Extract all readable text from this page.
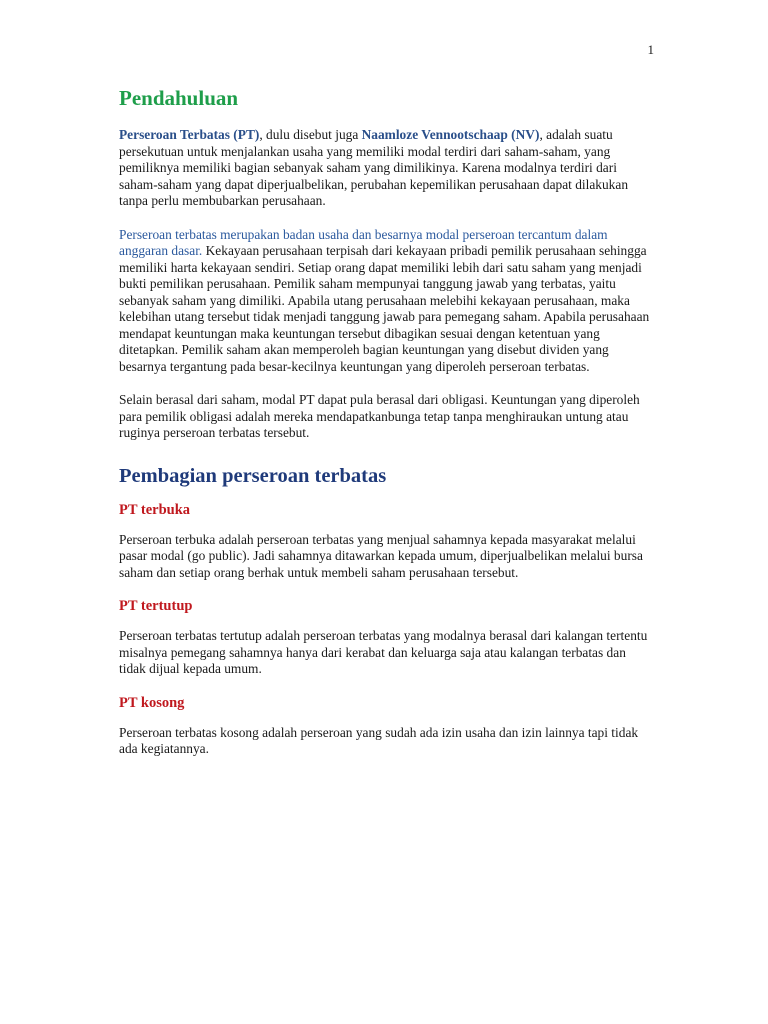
1
Pendahuluan

Perseroan Terbatas (PT), dulu disebut juga Naamloze Vennootschaap (NV), adalah suatu persekutuan untuk menjalankan usaha yang memiliki modal terdiri dari saham-saham, yang pemiliknya memiliki bagian sebanyak saham yang dimilikinya. Karena modalnya terdiri dari saham-saham yang dapat diperjualbelikan, perubahan kepemilikan perusahaan dapat dilakukan tanpa perlu membubarkan perusahaan.

Perseroan terbatas merupakan badan usaha dan besarnya modal perseroan tercantum dalam anggaran dasar. Kekayaan perusahaan terpisah dari kekayaan pribadi pemilik perusahaan sehingga memiliki harta kekayaan sendiri. Setiap orang dapat memiliki lebih dari satu saham yang menjadi bukti pemilikan perusahaan. Pemilik saham mempunyai tanggung jawab yang terbatas, yaitu sebanyak saham yang dimiliki. Apabila utang perusahaan melebihi kekayaan perusahaan, maka kelebihan utang tersebut tidak menjadi tanggung jawab para pemegang saham. Apabila perusahaan mendapat keuntungan maka keuntungan tersebut dibagikan sesuai dengan ketentuan yang ditetapkan. Pemilik saham akan memperoleh bagian keuntungan yang disebut dividen yang besarnya tergantung pada besar-kecilnya keuntungan yang diperoleh perseroan terbatas.

Selain berasal dari saham, modal PT dapat pula berasal dari obligasi. Keuntungan yang diperoleh para pemilik obligasi adalah mereka mendapatkanbunga tetap tanpa menghiraukan untung atau ruginya perseroan terbatas tersebut.

Pembagian perseroan terbatas
PT terbuka

Perseroan terbuka adalah perseroan terbatas yang menjual sahamnya kepada masyarakat melalui pasar modal (go public). Jadi sahamnya ditawarkan kepada umum, diperjualbelikan melalui bursa saham dan setiap orang berhak untuk membeli saham perusahaan tersebut.

PT tertutup

Perseroan terbatas tertutup adalah perseroan terbatas yang modalnya berasal dari kalangan tertentu misalnya pemegang sahamnya hanya dari kerabat dan keluarga saja atau kalangan terbatas dan tidak dijual kepada umum.

PT kosong

Perseroan terbatas kosong adalah perseroan yang sudah ada izin usaha dan izin lainnya tapi tidak ada kegiatannya.
